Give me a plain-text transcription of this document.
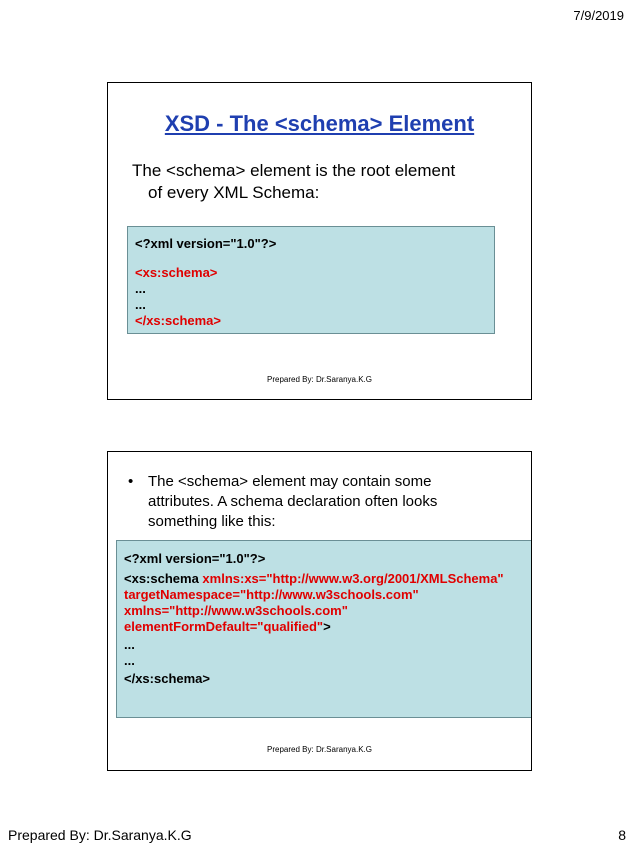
7/9/2019
XSD - The <schema> Element
The <schema> element is the root element
of every XML Schema:
<?xml version="1.0"?>
<xs:schema>
...
...
</xs:schema>
Prepared By: Dr.Saranya.K.G
• The <schema> element may contain some
attributes. A schema declaration often looks
something like this:
<?xml version="1.0"?>
<xs:schema xmlns:xs="http://www.w3.org/2001/XMLSchema"
targetNamespace="http://www.w3schools.com"
xmlns="http://www.w3schools.com"
elementFormDefault="qualified">
...
...
</xs:schema>
Prepared By: Dr.Saranya.K.G
Prepared By: Dr.Saranya.K.G	8
